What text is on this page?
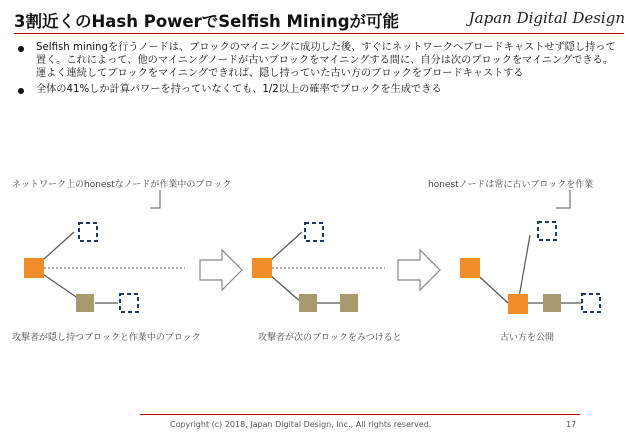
3割近くのHash PowerでSelfish Miningが可能	Japan Digital Design
Selfish miningを行うノードは、ブロックのマイニングに成功した後、すぐにネットワークへブロードキャストせず隠し持って置く。これによって、他のマイニングノードが古いブロックをマイニングする間に、自分は次のブロックをマイニングできる。運よく連続してブロックをマイニングできれば、隠し持っていた古い方のブロックをブロードキャストする
全体の41%しか計算パワーを持っていなくても、1/2以上の確率でブロックを生成できる
ネットワーク上のhonestなノードが作業中のブロック	honestノードは常に古いブロックを作業
攻撃者が隠し持つブロックと作業中のブロック	攻撃者が次のブロックをみつけると	古い方を公開
Copyright (c) 2018, Japan Digital Design, Inc., All rights reserved.	17
